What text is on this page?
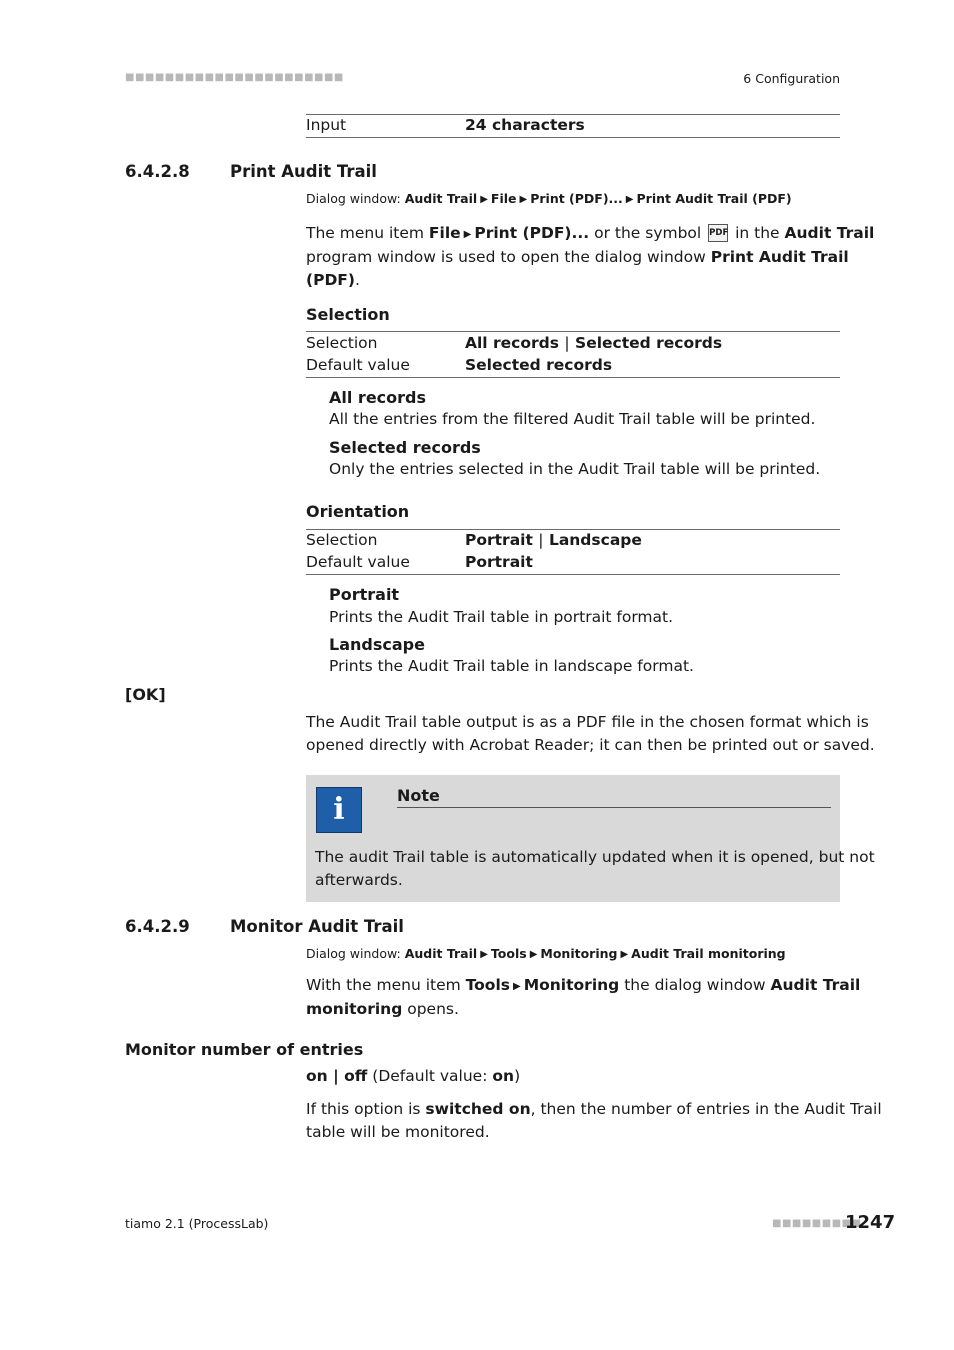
■■■■■■■■■■■■■■■■■■■■■■	6 Configuration
Input	24 characters
6.4.2.8 Print Audit Trail
Dialog window: Audit Trail ▶ File ▶ Print (PDF)... ▶ Print Audit Trail (PDF)
The menu item File ▶ Print (PDF)... or the symbol PDF in the Audit Trail
program window is used to open the dialog window Print Audit Trail
(PDF).
Selection
Selection	All records | Selected records
Default value	Selected records
All records
All the entries from the filtered Audit Trail table will be printed.
Selected records
Only the entries selected in the Audit Trail table will be printed.
Orientation
Selection	Portrait | Landscape
Default value	Portrait
Portrait
Prints the Audit Trail table in portrait format.
Landscape
Prints the Audit Trail table in landscape format.
[OK]
The Audit Trail table output is as a PDF file in the chosen format which is
opened directly with Acrobat Reader; it can then be printed out or saved.
i	Note
The audit Trail table is automatically updated when it is opened, but not
afterwards.
6.4.2.9 Monitor Audit Trail
Dialog window: Audit Trail ▶ Tools ▶ Monitoring ▶ Audit Trail monitoring
With the menu item Tools ▶ Monitoring the dialog window Audit Trail
monitoring opens.
Monitor number of entries
on | off (Default value: on)
If this option is switched on, then the number of entries in the Audit Trail
table will be monitored.
tiamo 2.1 (ProcessLab)	■■■■■■■■■
1247
